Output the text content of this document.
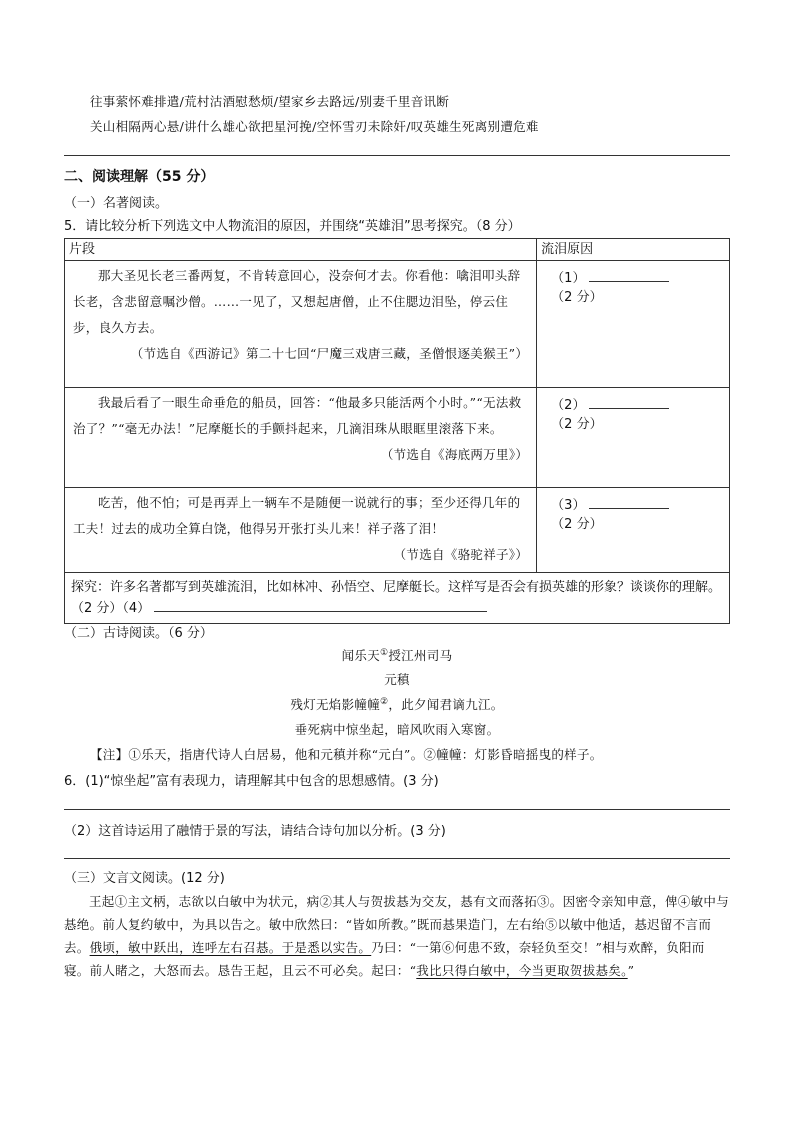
往事萦怀难排遣/荒村沽酒慰愁烦/望家乡去路远/别妻千里音讯断
关山相隔两心悬/讲什么雄心欲把星河挽/空怀雪刃未除奸/叹英雄生死离别遭危难
二、阅读理解（55 分）
（一）名著阅读。
5．请比较分析下列选文中人物流泪的原因，并围绕“英雄泪”思考探究。（8 分）
片段	流泪原因

那大圣见长老三番两复，不肯转意回心，没奈何才去。你看他：噙泪叩头辞长老，含悲留意嘱沙僧。……一见了，又想起唐僧，止不住腮边泪坠，停云住步，良久方去。
（节选自《西游记》第二十七回“尸魔三戏唐三藏，圣僧恨逐美猴王”）	（1）（2 分）

我最后看了一眼生命垂危的船员，回答：“他最多只能活两个小时。”“无法救治了？”“毫无办法！”尼摩艇长的手颤抖起来，几滴泪珠从眼眶里滚落下来。
（节选自《海底两万里》）	（2）（2 分）

吃苦，他不怕；可是再弄上一辆车不是随便一说就行的事；至少还得几年的工夫！过去的成功全算白饶，他得另开张打头儿来！祥子落了泪！
（节选自《骆驼祥子》）	（3）（2 分）
探究：许多名著都写到英雄流泪，比如林冲、孙悟空、尼摩艇长。这样写是否会有损英雄的形象？谈谈你的理解。（2 分）（4）	
（二）古诗阅读。（6 分）
闻乐天①授江州司马
元稹
残灯无焰影幢幢②，此夕闻君谪九江。
垂死病中惊坐起，暗风吹雨入寒窗。
【注】①乐天，指唐代诗人白居易，他和元稹并称“元白”。②幢幢：灯影昏暗摇曳的样子。
6．(1)“惊坐起”富有表现力，请理解其中包含的思想感情。(3 分)
（2）这首诗运用了融情于景的写法，请结合诗句加以分析。(3 分)
（三）文言文阅读。(12 分)
王起①主文柄，志欲以白敏中为状元，病②其人与贺拔惎为交友，惎有文而落拓③。因密令亲知申意，俾④敏中与惎绝。前人复约敏中，为具以告之。敏中欣然曰：“皆如所教。”既而惎果造门，左右绐⑤以敏中他适，惎迟留不言而去。俄顷，敏中跃出，连呼左右召惎。于是悉以实告。乃曰：“一第⑥何患不致，奈轻负至交！”相与欢醉，负阳而寝。前人睹之，大怒而去。恳告王起，且云不可必矣。起曰：“我比只得白敏中，今当更取贺拔惎矣。”
